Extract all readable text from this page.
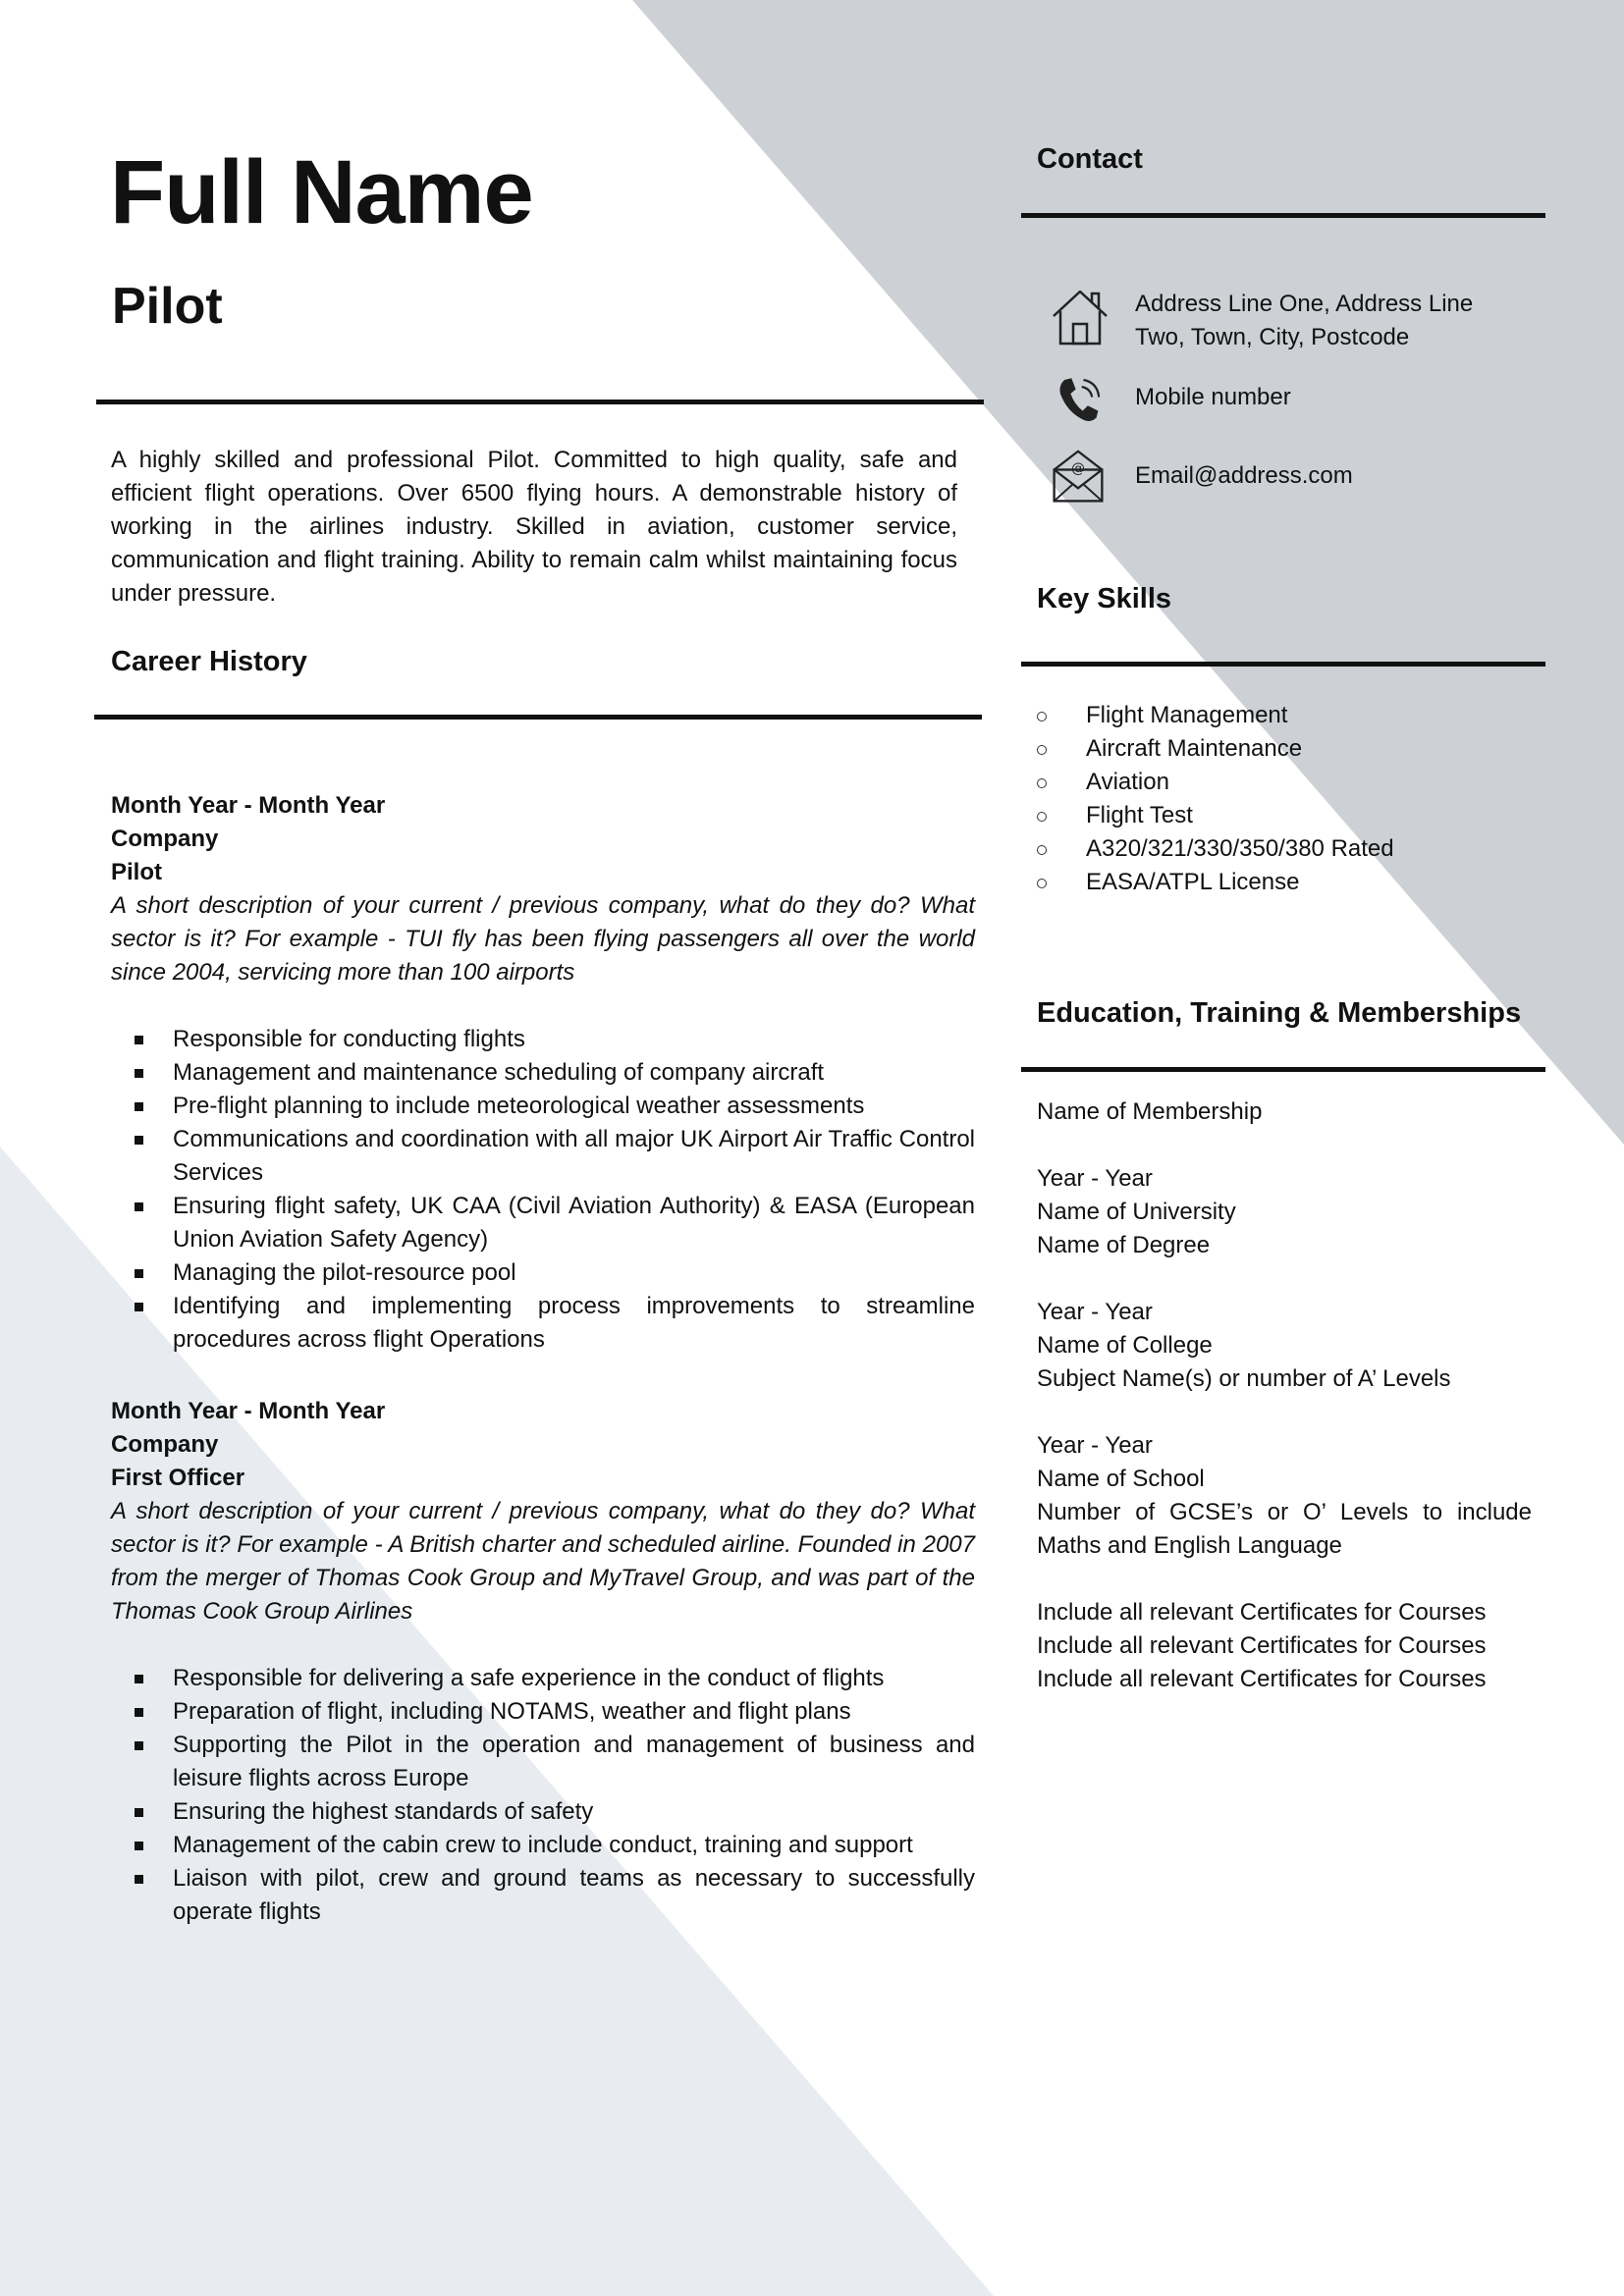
Full Name
Pilot
A highly skilled and professional Pilot. Committed to high quality, safe and efficient flight operations. Over 6500 flying hours. A demonstrable history of working in the airlines industry. Skilled in aviation, customer service, communication and flight training. Ability to remain calm whilst maintaining focus under pressure.
Career History
Month Year - Month Year
Company
Pilot
A short description of your current / previous company, what do they do? What sector is it? For example - TUI fly has been flying passengers all over the world since 2004, servicing more than 100 airports
Responsible for conducting flights
Management and maintenance scheduling of company aircraft
Pre-flight planning to include meteorological weather assessments
Communications and coordination with all major UK Airport Air Traffic Control Services
Ensuring flight safety, UK CAA (Civil Aviation Authority) & EASA (European Union Aviation Safety Agency)
Managing the pilot-resource pool
Identifying and implementing process improvements to streamline procedures across flight Operations
Month Year - Month Year
Company
First Officer
A short description of your current / previous company, what do they do? What sector is it? For example - A British charter and scheduled airline. Founded in 2007 from the merger of Thomas Cook Group and MyTravel Group, and was part of the Thomas Cook Group Airlines
Responsible for delivering a safe experience in the conduct of flights
Preparation of flight, including NOTAMS, weather and flight plans
Supporting the Pilot in the operation and management of business and leisure flights across Europe
Ensuring the highest standards of safety
Management of the cabin crew to include conduct, training and support
Liaison with pilot, crew and ground teams as necessary to successfully operate flights
Contact
Address Line One, Address Line Two, Town, City, Postcode
Mobile number
@ Email@address.com
Key Skills
Flight Management
Aircraft Maintenance
Aviation
Flight Test
A320/321/330/350/380 Rated
EASA/ATPL License
Education, Training & Memberships
Name of Membership
Year - Year
Name of University
Name of Degree
Year - Year
Name of College
Subject Name(s) or number of A’ Levels
Year - Year
Name of School
Number of GCSE’s or O’ Levels to include Maths and English Language
Include all relevant Certificates for Courses
Include all relevant Certificates for Courses
Include all relevant Certificates for Courses
